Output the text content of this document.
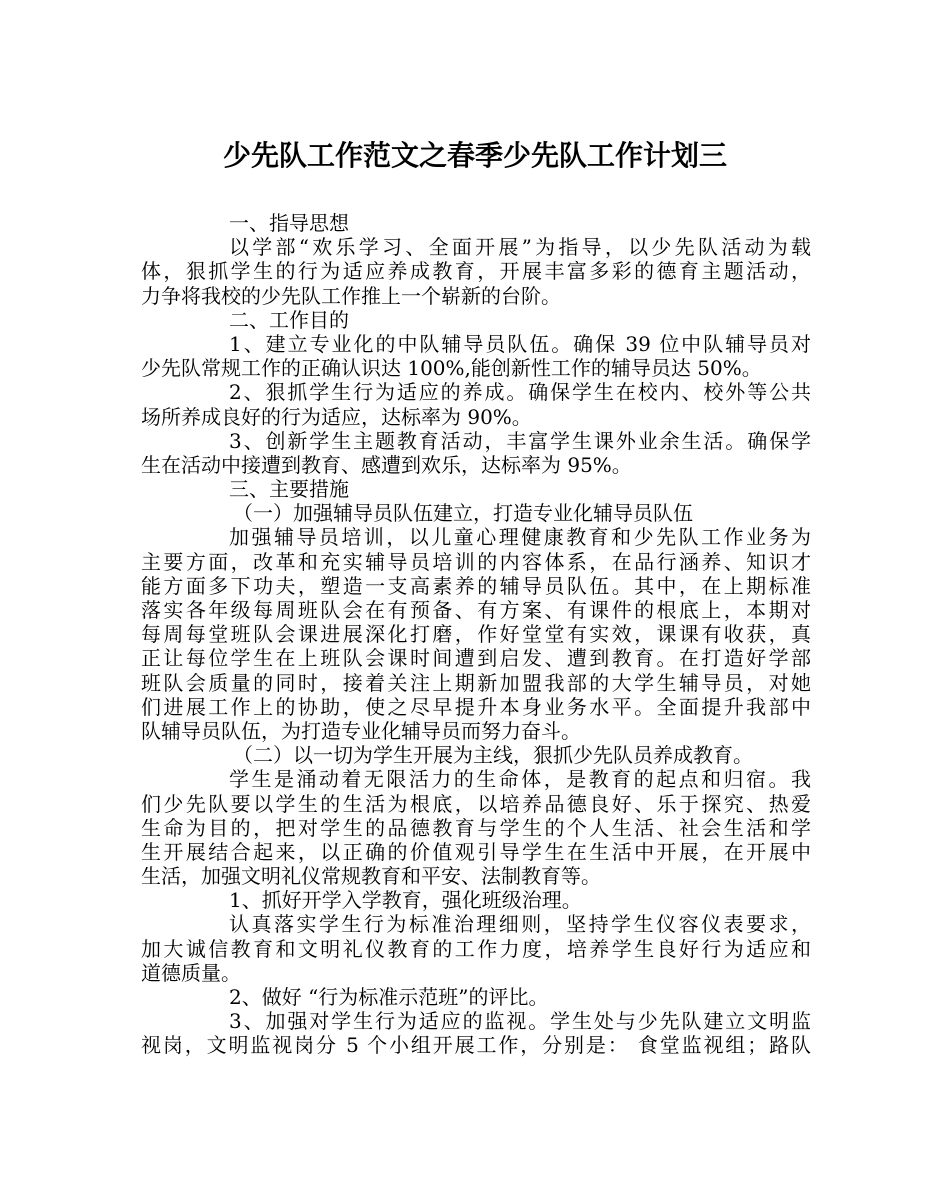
少先队工作范文之春季少先队工作计划三
一、指导思想
以学部“欢乐学习、全面开展”为指导，以少先队活动为载
体，狠抓学生的行为适应养成教育，开展丰富多彩的德育主题活动，
力争将我校的少先队工作推上一个崭新的台阶。
二、工作目的
1、建立专业化的中队辅导员队伍。确保 39 位中队辅导员对
少先队常规工作的正确认识达 100%,能创新性工作的辅导员达 50%。
2、狠抓学生行为适应的养成。确保学生在校内、校外等公共
场所养成良好的行为适应，达标率为 90%。
3、创新学生主题教育活动，丰富学生课外业余生活。确保学
生在活动中接遭到教育、感遭到欢乐，达标率为 95%。
三、主要措施
（一）加强辅导员队伍建立，打造专业化辅导员队伍
加强辅导员培训，以儿童心理健康教育和少先队工作业务为
主要方面，改革和充实辅导员培训的内容体系，在品行涵养、知识才
能方面多下功夫，塑造一支高素养的辅导员队伍。其中，在上期标准
落实各年级每周班队会在有预备、有方案、有课件的根底上，本期对
每周每堂班队会课进展深化打磨，作好堂堂有实效，课课有收获，真
正让每位学生在上班队会课时间遭到启发、遭到教育。在打造好学部
班队会质量的同时，接着关注上期新加盟我部的大学生辅导员，对她
们进展工作上的协助，使之尽早提升本身业务水平。全面提升我部中
队辅导员队伍，为打造专业化辅导员而努力奋斗。
（二）以一切为学生开展为主线，狠抓少先队员养成教育。
学生是涌动着无限活力的生命体，是教育的起点和归宿。我
们少先队要以学生的生活为根底，以培养品德良好、乐于探究、热爱
生命为目的，把对学生的品德教育与学生的个人生活、社会生活和学
生开展结合起来，以正确的价值观引导学生在生活中开展，在开展中
生活，加强文明礼仪常规教育和平安、法制教育等。
1、抓好开学入学教育，强化班级治理。
认真落实学生行为标准治理细则，坚持学生仪容仪表要求，
加大诚信教育和文明礼仪教育的工作力度，培养学生良好行为适应和
道德质量。
2、做好 “行为标准示范班”的评比。
3、加强对学生行为适应的监视。学生处与少先队建立文明监
视岗，文明监视岗分 5 个小组开展工作，分别是： 食堂监视组；路队
